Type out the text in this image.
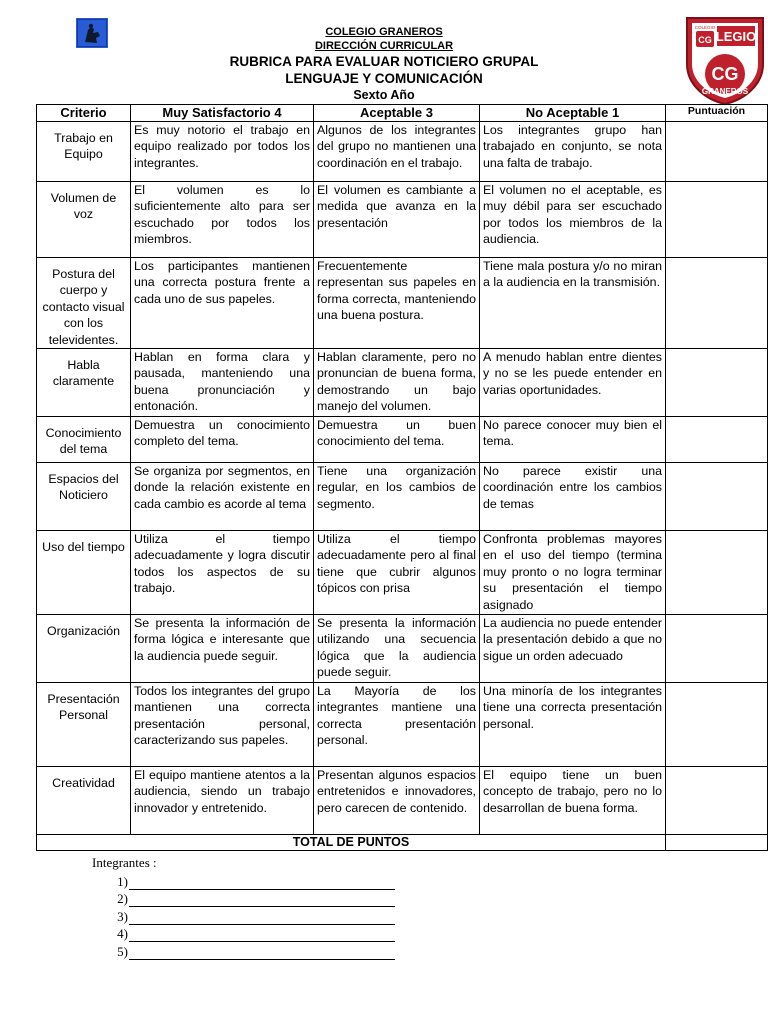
LEGIO
COLEGIO
CG
CG
GRANEROS
COLEGIO GRANEROS
DIRECCIÓN CURRICULAR
RUBRICA PARA EVALUAR NOTICIERO GRUPAL
LENGUAJE Y COMUNICACIÓN
Sexto Año
Criterio	Muy Satisfactorio 4	Aceptable 3	No Aceptable 1	Puntuación
Trabajo en Equipo	Es muy notorio el trabajo en equipo realizado por todos los integrantes.	Algunos de los integrantes del grupo no mantienen una coordinación en el trabajo.	Los integrantes grupo han trabajado en conjunto, se nota una falta de trabajo.	
Volumen de voz	El volumen es lo suficientemente alto para ser escuchado por todos los miembros.	El volumen es cambiante a medida que avanza en la presentación	El volumen no el aceptable, es muy débil para ser escuchado por todos los miembros de la audiencia.	
Postura del cuerpo y contacto visual con los televidentes.	Los participantes mantienen una correcta postura frente a cada uno de sus papeles.	Frecuentemente representan sus papeles en forma correcta, manteniendo una buena postura.	Tiene mala postura y/o no miran a la audiencia en la transmisión.	
Habla claramente	Hablan en forma clara y pausada, manteniendo una buena pronunciación y entonación.	Hablan claramente, pero no pronuncian de buena forma, demostrando un bajo manejo del volumen.	A menudo hablan entre dientes y no se les puede entender en varias oportunidades.	
Conocimiento del tema	Demuestra un conocimiento completo del tema.	Demuestra un buen conocimiento del tema.	No parece conocer muy bien el tema.	
Espacios del Noticiero	Se organiza por segmentos, en donde la relación existente en cada cambio es acorde al tema	Tiene una organización regular, en los cambios de segmento.	No parece existir una coordinación entre los cambios de temas	
Uso del tiempo	Utiliza el tiempo adecuadamente y logra discutir todos los aspectos de su trabajo.	Utiliza el tiempo adecuadamente pero al final tiene que cubrir algunos tópicos con prisa	Confronta problemas mayores en el uso del tiempo (termina muy pronto o no logra terminar su presentación el tiempo asignado	
Organización	Se presenta la información de forma lógica e interesante que la audiencia puede seguir.	Se presenta la información utilizando una secuencia lógica que la audiencia puede seguir.	La audiencia no puede entender la presentación debido a que no sigue un orden adecuado	
Presentación Personal	Todos los integrantes del grupo mantienen una correcta presentación personal, caracterizando sus papeles.	La Mayoría de los integrantes mantiene una correcta presentación personal.	Una minoría de los integrantes tiene una correcta presentación personal.	
Creatividad	El equipo mantiene atentos a la audiencia, siendo un trabajo innovador y entretenido.	Presentan algunos espacios entretenidos e innovadores, pero carecen de contenido.	El equipo tiene un buen concepto de trabajo, pero no lo desarrollan de buena forma.	
TOTAL DE PUNTOS				
Integrantes :
1)
2)
3)
4)
5)
